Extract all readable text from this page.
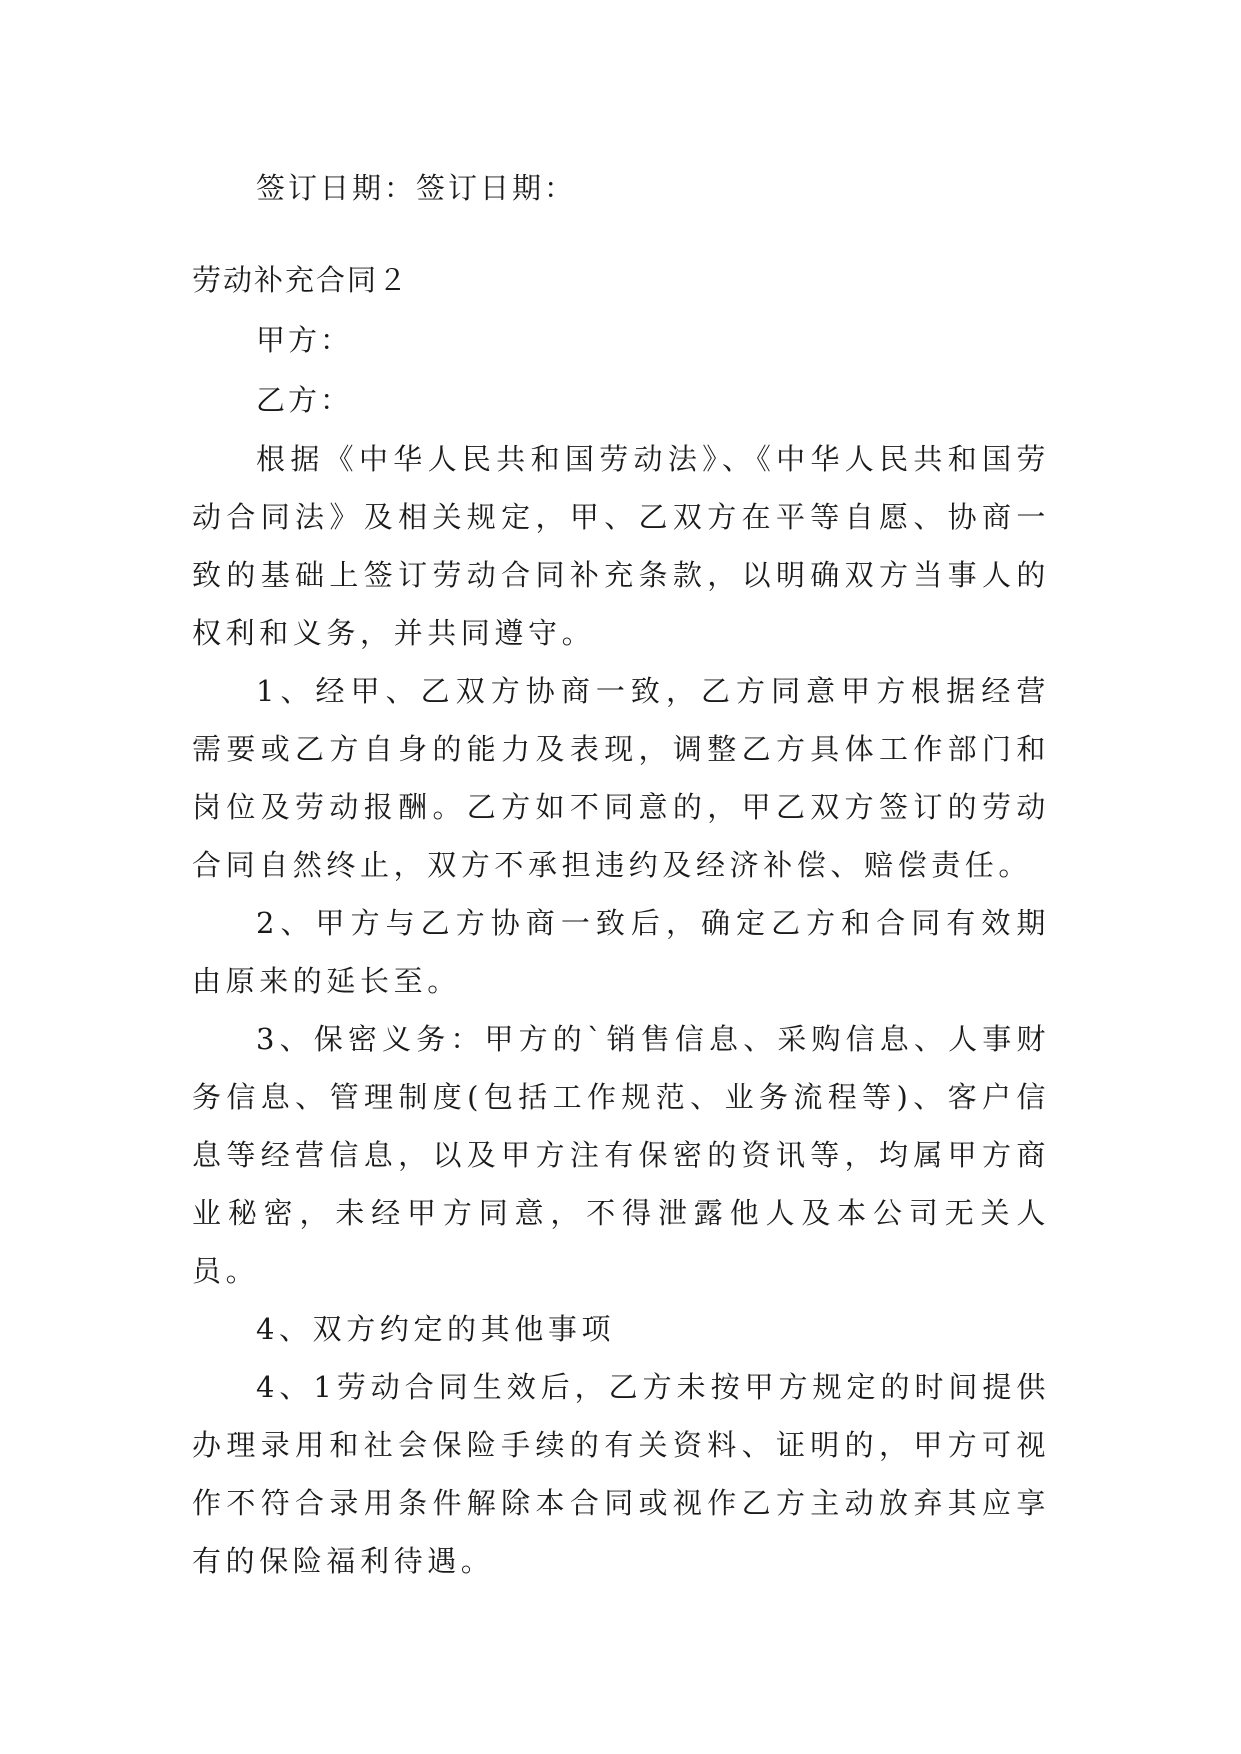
签订日期：签订日期：

劳动补充合同２

甲方：

乙方：

根据《中华人民共和国劳动法》、《中华人民共和国劳动合同法》及相关规定，甲、乙双方在平等自愿、协商一致的基础上签订劳动合同补充条款，以明确双方当事人的权利和义务，并共同遵守。

1、经甲、乙双方协商一致，乙方同意甲方根据经营需要或乙方自身的能力及表现，调整乙方具体工作部门和岗位及劳动报酬。乙方如不同意的，甲乙双方签订的劳动合同自然终止，双方不承担违约及经济补偿、赔偿责任。

2、甲方与乙方协商一致后，确定乙方和合同有效期由原来的延长至。

3、保密义务：甲方的`销售信息、采购信息、人事财务信息、管理制度(包括工作规范、业务流程等)、客户信息等经营信息，以及甲方注有保密的资讯等，均属甲方商业秘密，未经甲方同意，不得泄露他人及本公司无关人员。

4、双方约定的其他事项

4、1劳动合同生效后，乙方未按甲方规定的时间提供办理录用和社会保险手续的有关资料、证明的，甲方可视作不符合录用条件解除本合同或视作乙方主动放弃其应享有的保险福利待遇。
